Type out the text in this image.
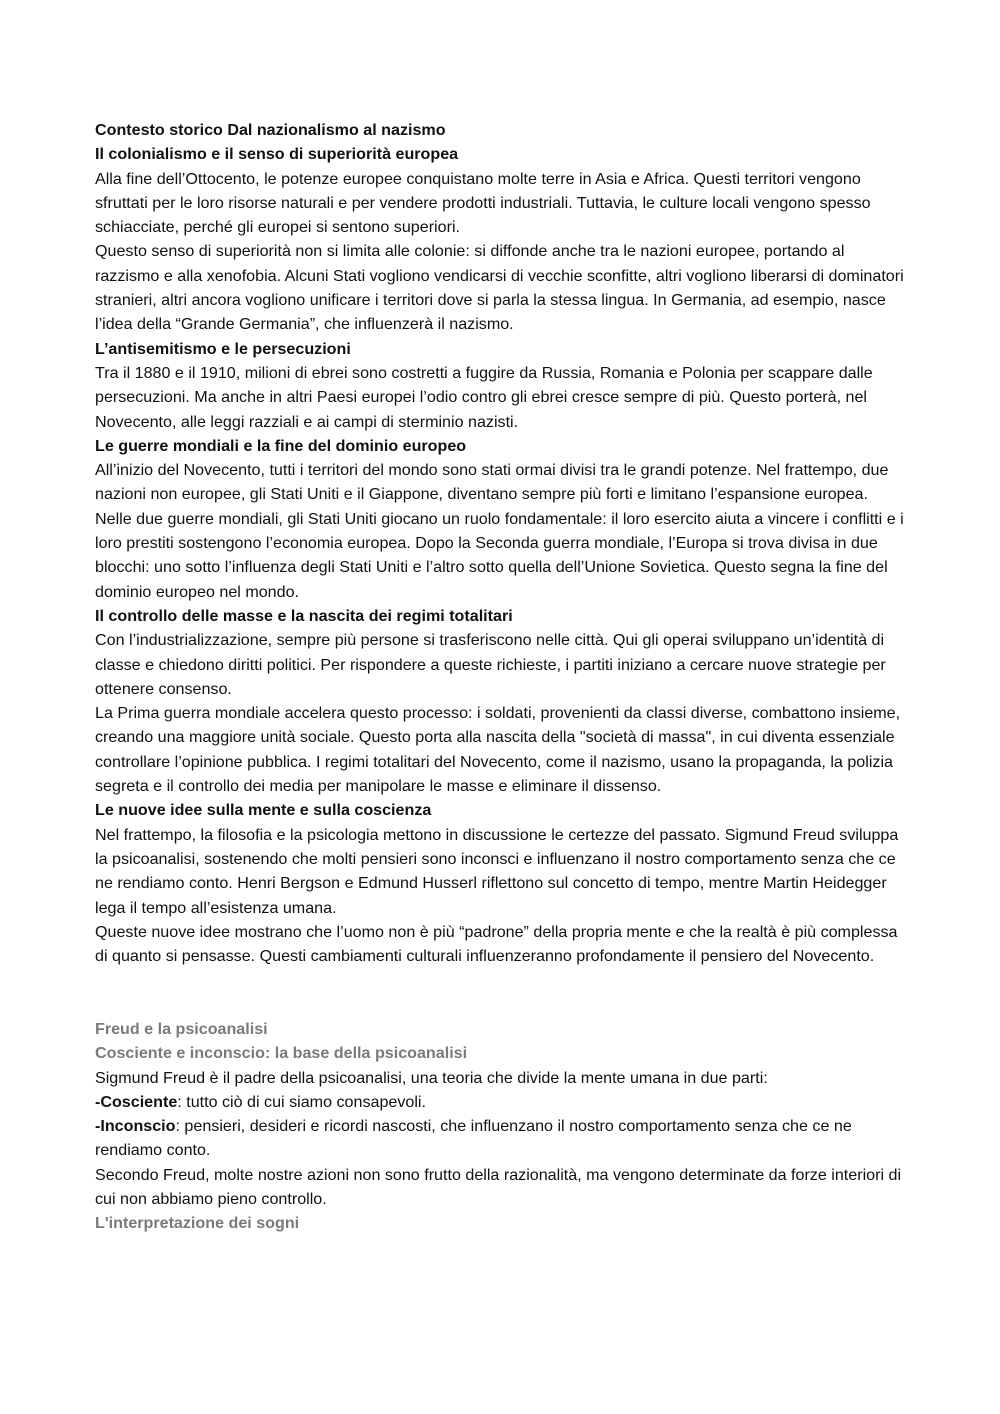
Contesto storico Dal nazionalismo al nazismo
Il colonialismo e il senso di superiorità europea

Alla fine dell’Ottocento, le potenze europee conquistano molte terre in Asia e Africa. Questi territori vengono sfruttati per le loro risorse naturali e per vendere prodotti industriali. Tuttavia, le culture locali vengono spesso schiacciate, perché gli europei si sentono superiori.

Questo senso di superiorità non si limita alle colonie: si diffonde anche tra le nazioni europee, portando al razzismo e alla xenofobia. Alcuni Stati vogliono vendicarsi di vecchie sconfitte, altri vogliono liberarsi di dominatori stranieri, altri ancora vogliono unificare i territori dove si parla la stessa lingua. In Germania, ad esempio, nasce l’idea della “Grande Germania”, che influenzerà il nazismo.

L’antisemitismo e le persecuzioni

Tra il 1880 e il 1910, milioni di ebrei sono costretti a fuggire da Russia, Romania e Polonia per scappare dalle persecuzioni. Ma anche in altri Paesi europei l’odio contro gli ebrei cresce sempre di più. Questo porterà, nel Novecento, alle leggi razziali e ai campi di sterminio nazisti.

Le guerre mondiali e la fine del dominio europeo

All’inizio del Novecento, tutti i territori del mondo sono stati ormai divisi tra le grandi potenze. Nel frattempo, due nazioni non europee, gli Stati Uniti e il Giappone, diventano sempre più forti e limitano l’espansione europea.

Nelle due guerre mondiali, gli Stati Uniti giocano un ruolo fondamentale: il loro esercito aiuta a vincere i conflitti e i loro prestiti sostengono l’economia europea. Dopo la Seconda guerra mondiale, l’Europa si trova divisa in due blocchi: uno sotto l’influenza degli Stati Uniti e l’altro sotto quella dell’Unione Sovietica. Questo segna la fine del dominio europeo nel mondo.

Il controllo delle masse e la nascita dei regimi totalitari

Con l’industrializzazione, sempre più persone si trasferiscono nelle città. Qui gli operai sviluppano un’identità di classe e chiedono diritti politici. Per rispondere a queste richieste, i partiti iniziano a cercare nuove strategie per ottenere consenso.

La Prima guerra mondiale accelera questo processo: i soldati, provenienti da classi diverse, combattono insieme, creando una maggiore unità sociale. Questo porta alla nascita della "società di massa", in cui diventa essenziale controllare l’opinione pubblica. I regimi totalitari del Novecento, come il nazismo, usano la propaganda, la polizia segreta e il controllo dei media per manipolare le masse e eliminare il dissenso.

Le nuove idee sulla mente e sulla coscienza

Nel frattempo, la filosofia e la psicologia mettono in discussione le certezze del passato. Sigmund Freud sviluppa la psicoanalisi, sostenendo che molti pensieri sono inconsci e influenzano il nostro comportamento senza che ce ne rendiamo conto. Henri Bergson e Edmund Husserl riflettono sul concetto di tempo, mentre Martin Heidegger lega il tempo all’esistenza umana.

Queste nuove idee mostrano che l’uomo non è più “padrone” della propria mente e che la realtà è più complessa di quanto si pensasse. Questi cambiamenti culturali influenzeranno profondamente il pensiero del Novecento.

Freud e la psicoanalisi
Cosciente e inconscio: la base della psicoanalisi

Sigmund Freud è il padre della psicoanalisi, una teoria che divide la mente umana in due parti:

-Cosciente: tutto ciò di cui siamo consapevoli.

-Inconscio: pensieri, desideri e ricordi nascosti, che influenzano il nostro comportamento senza che ce ne rendiamo conto.

Secondo Freud, molte nostre azioni non sono frutto della razionalità, ma vengono determinate da forze interiori di cui non abbiamo pieno controllo.

L'interpretazione dei sogni
